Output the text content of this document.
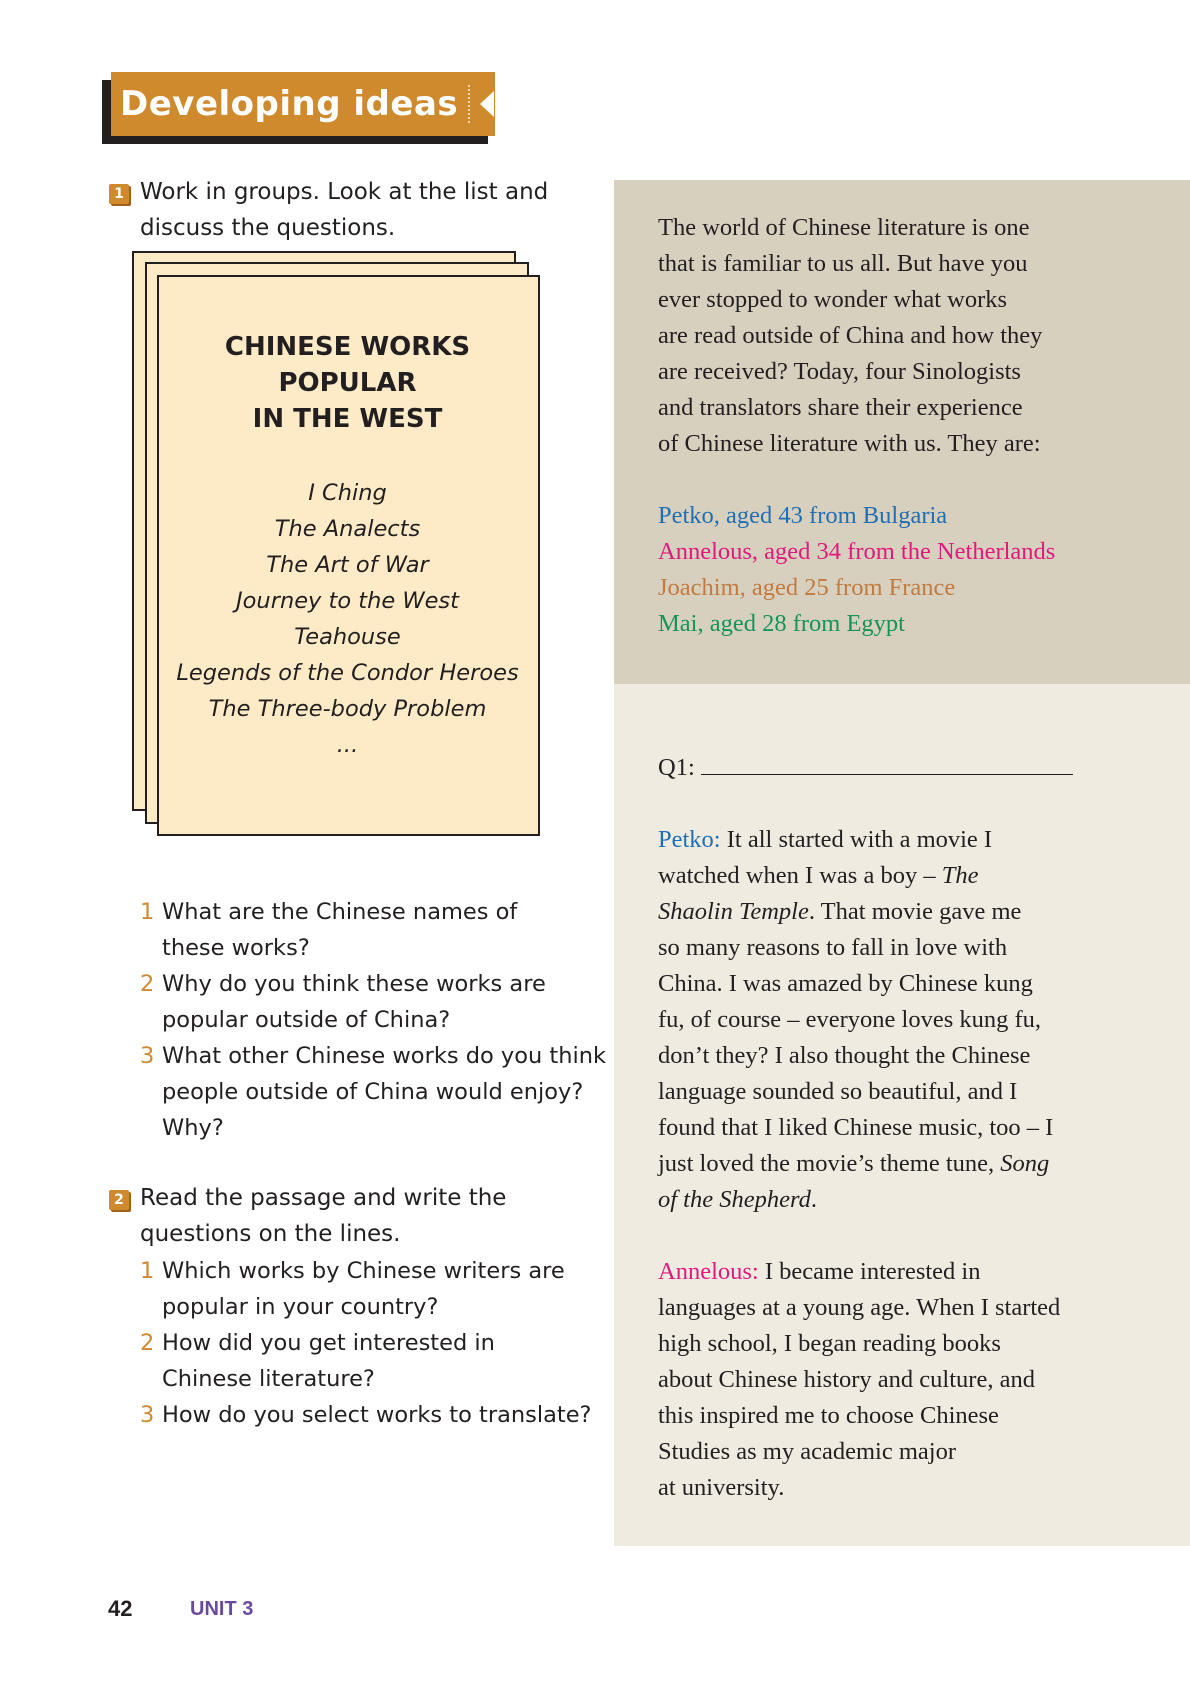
Developing ideas
1 Work in groups. Look at the list and
discuss the questions.
CHINESE WORKS
POPULAR
IN THE WEST
I Ching
The Analects
The Art of War
Journey to the West
Teahouse
Legends of the Condor Heroes
The Three-body Problem
...
1 What are the Chinese names of
these works?
2 Why do you think these works are
popular outside of China?
3 What other Chinese works do you think
people outside of China would enjoy?
Why?
2 Read the passage and write the
questions on the lines.
1 Which works by Chinese writers are
popular in your country?
2 How did you get interested in
Chinese literature?
3 How do you select works to translate?
The world of Chinese literature is one
that is familiar to us all. But have you
ever stopped to wonder what works
are read outside of China and how they
are received? Today, four Sinologists
and translators share their experience
of Chinese literature with us. They are:
Petko, aged 43 from Bulgaria
Annelous, aged 34 from the Netherlands
Joachim, aged 25 from France
Mai, aged 28 from Egypt
Q1:
Petko: It all started with a movie I
watched when I was a boy – The
Shaolin Temple. That movie gave me
so many reasons to fall in love with
China. I was amazed by Chinese kung
fu, of course – everyone loves kung fu,
don’t they? I also thought the Chinese
language sounded so beautiful, and I
found that I liked Chinese music, too – I
just loved the movie’s theme tune, Song
of the Shepherd.
Annelous: I became interested in
languages at a young age. When I started
high school, I began reading books
about Chinese history and culture, and
this inspired me to choose Chinese
Studies as my academic major
at university.
42	UNIT 3
